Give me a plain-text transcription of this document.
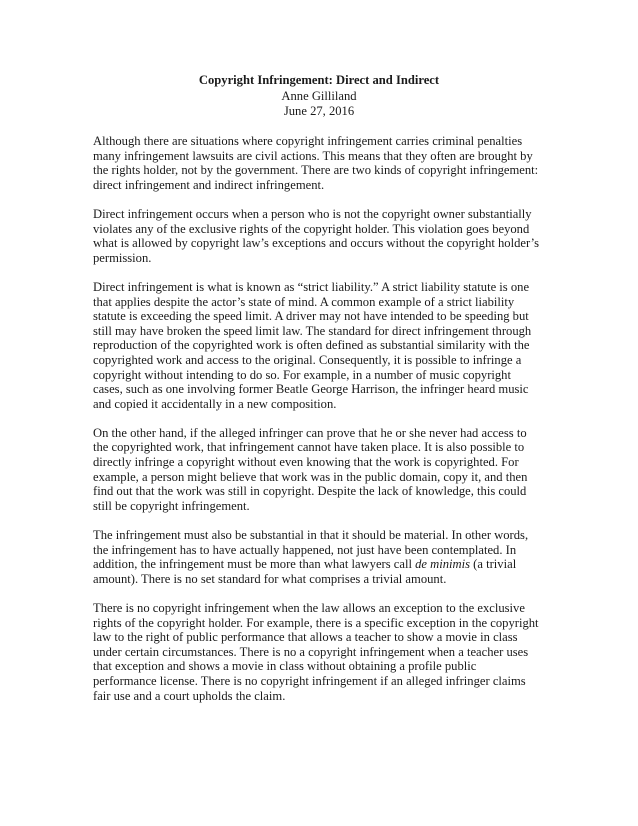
Copyright Infringement: Direct and Indirect
Anne Gilliland
June 27, 2016

Although there are situations where copyright infringement carries criminal penalties many infringement lawsuits are civil actions. This means that they often are brought by the rights holder, not by the government. There are two kinds of copyright infringement: direct infringement and indirect infringement.

Direct infringement occurs when a person who is not the copyright owner substantially violates any of the exclusive rights of the copyright holder. This violation goes beyond what is allowed by copyright law’s exceptions and occurs without the copyright holder’s permission.

Direct infringement is what is known as “strict liability.” A strict liability statute is one that applies despite the actor’s state of mind. A common example of a strict liability statute is exceeding the speed limit. A driver may not have intended to be speeding but still may have broken the speed limit law. The standard for direct infringement through reproduction of the copyrighted work is often defined as substantial similarity with the copyrighted work and access to the original. Consequently, it is possible to infringe a copyright without intending to do so. For example, in a number of music copyright cases, such as one involving former Beatle George Harrison, the infringer heard music and copied it accidentally in a new composition.

On the other hand, if the alleged infringer can prove that he or she never had access to the copyrighted work, that infringement cannot have taken place. It is also possible to directly infringe a copyright without even knowing that the work is copyrighted. For example, a person might believe that work was in the public domain, copy it, and then find out that the work was still in copyright. Despite the lack of knowledge, this could still be copyright infringement.

The infringement must also be substantial in that it should be material. In other words, the infringement has to have actually happened, not just have been contemplated. In addition, the infringement must be more than what lawyers call de minimis (a trivial amount). There is no set standard for what comprises a trivial amount.

There is no copyright infringement when the law allows an exception to the exclusive rights of the copyright holder. For example, there is a specific exception in the copyright law to the right of public performance that allows a teacher to show a movie in class under certain circumstances. There is no a copyright infringement when a teacher uses that exception and shows a movie in class without obtaining a profile public performance license. There is no copyright infringement if an alleged infringer claims fair use and a court upholds the claim.
